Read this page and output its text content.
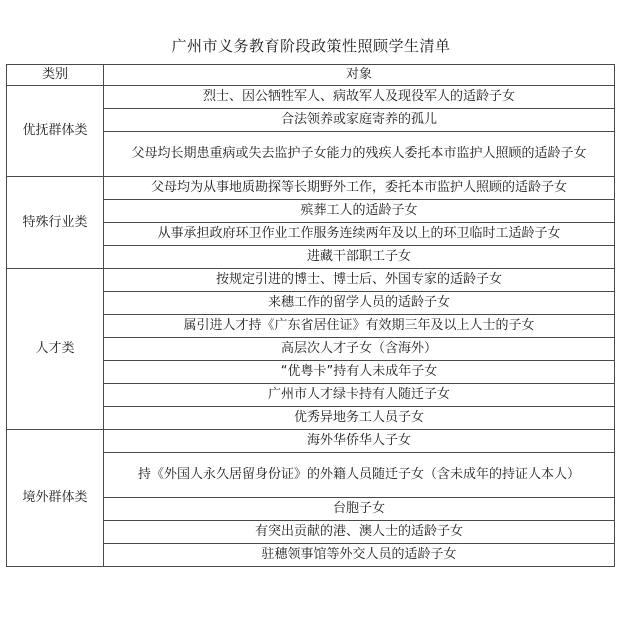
广州市义务教育阶段政策性照顾学生清单
类别	对象
优抚群体类	烈士、因公牺牲军人、病故军人及现役军人的适龄子女
	合法领养或家庭寄养的孤儿
	父母均长期患重病或失去监护子女能力的残疾人委托本市监护人照顾的适龄子女

特殊行业类	父母均为从事地质勘探等长期野外工作，委托本市监护人照顾的适龄子女
	殡葬工人的适龄子女
	从事承担政府环卫作业工作服务连续两年及以上的环卫临时工适龄子女
	进藏干部职工子女
人才类	按规定引进的博士、博士后、外国专家的适龄子女
	来穗工作的留学人员的适龄子女
	属引进人才持《广东省居住证》有效期三年及以上人士的子女
	高层次人才子女（含海外）
	“优粤卡”持有人未成年子女
	广州市人才绿卡持有人随迁子女
	优秀异地务工人员子女
境外群体类	海外华侨华人子女
	持《外国人永久居留身份证》的外籍人员随迁子女（含未成年的持证人本人）
	台胞子女
	有突出贡献的港、澳人士的适龄子女
	驻穗领事馆等外交人员的适龄子女
